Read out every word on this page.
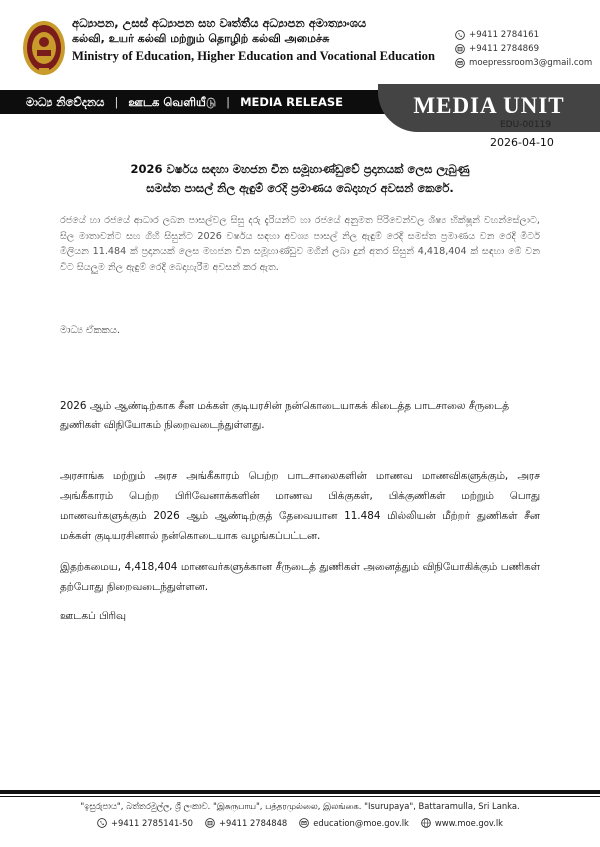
අධ්‍යාපන, උසස් අධ්‍යාපන සහ වෘත්තීය අධ්‍යාපන අමාත්‍යාංශය
கல்வி, உயர் கல்வி மற்றும் தொழிற் கல்வி அமைச்சு
Ministry of Education, Higher Education and Vocational Education
+9411 2784161
+9411 2784869
moepressroom3@gmail.com
මාධ්‍ය නිවේදනය | ஊடக வெளியீடு | MEDIA RELEASE	MEDIA UNIT
EDU-00119
2026-04-10
2026 වර්ෂය සඳහා මහජන චීන සමූහාණ්ඩුවේ ප්‍රදානයක් ලෙස ලැබුණු
සමස්ත පාසල් නිල ඇඳුම් රෙදි ප්‍රමාණය බෙදාහැර අවසන් කෙරේ.
රජයේ හා රජයේ ආධාර ලබන පාසල්වල සිසු දරු දැරියන්ට හා රජයේ අනුමත පිරිවෙන්වල ශිෂ්‍ය භික්ෂූන් වහන්සේලාට, සිල මාතාවන්ට සහ ගිහි සිසුන්ට 2026 වර්ෂය සඳහා අවශ්‍ය පාසල් නිල ඇඳුම් රෙදි සමස්ත ප්‍රමාණය වන රෙදි මීටර් මිලියන 11.484 ක් ප්‍රදානයක් ලෙස මහජන චීන සමූහාණ්ඩුව මගින් ලබා දුන් අතර සිසුන් 4,418,404 ක් සඳහා මේ වන විට සියලුම නිල ඇඳුම් රෙදි බෙදාහැරීම අවසන් කර ඇත.
මාධ්‍ය ඒකකය.
2026 ஆம் ஆண்டிற்காக சீன மக்கள் குடியரசின் நன்கொடையாகக் கிடைத்த பாடசாலை சீருடைத் துணிகள் விநியோகம் நிறைவடைந்துள்ளது.
அரசாங்க மற்றும் அரச அங்கீகாரம் பெற்ற பாடசாலைகளின் மாணவ மாணவிகளுக்கும், அரச அங்கீகாரம் பெற்ற பிரிவேனாக்களின் மாணவ பிக்குகள், பிக்குணிகள் மற்றும் பொது மாணவர்களுக்கும் 2026 ஆம் ஆண்டிற்குத் தேவையான 11.484 மில்லியன் மீற்றர் துணிகள் சீன மக்கள் குடியரசினால் நன்கொடையாக வழங்கப்பட்டன.
இதற்கமைய, 4,418,404 மாணவர்களுக்கான சீருடைத் துணிகள் அனைத்தும் விநியோகிக்கும் பணிகள் தற்போது நிறைவடைந்துள்ளன.
ஊடகப் பிரிவு
"ඉසුරුපාය", බත්තරමුල්ල, ශ්‍රී ලංකාව. "இசுருபாய", பத்தரமுல்லை, இலங்கை. "Isurupaya", Battaramulla, Sri Lanka.
+9411 2785141-50	+9411 2784848	education@moe.gov.lk	www.moe.gov.lk
